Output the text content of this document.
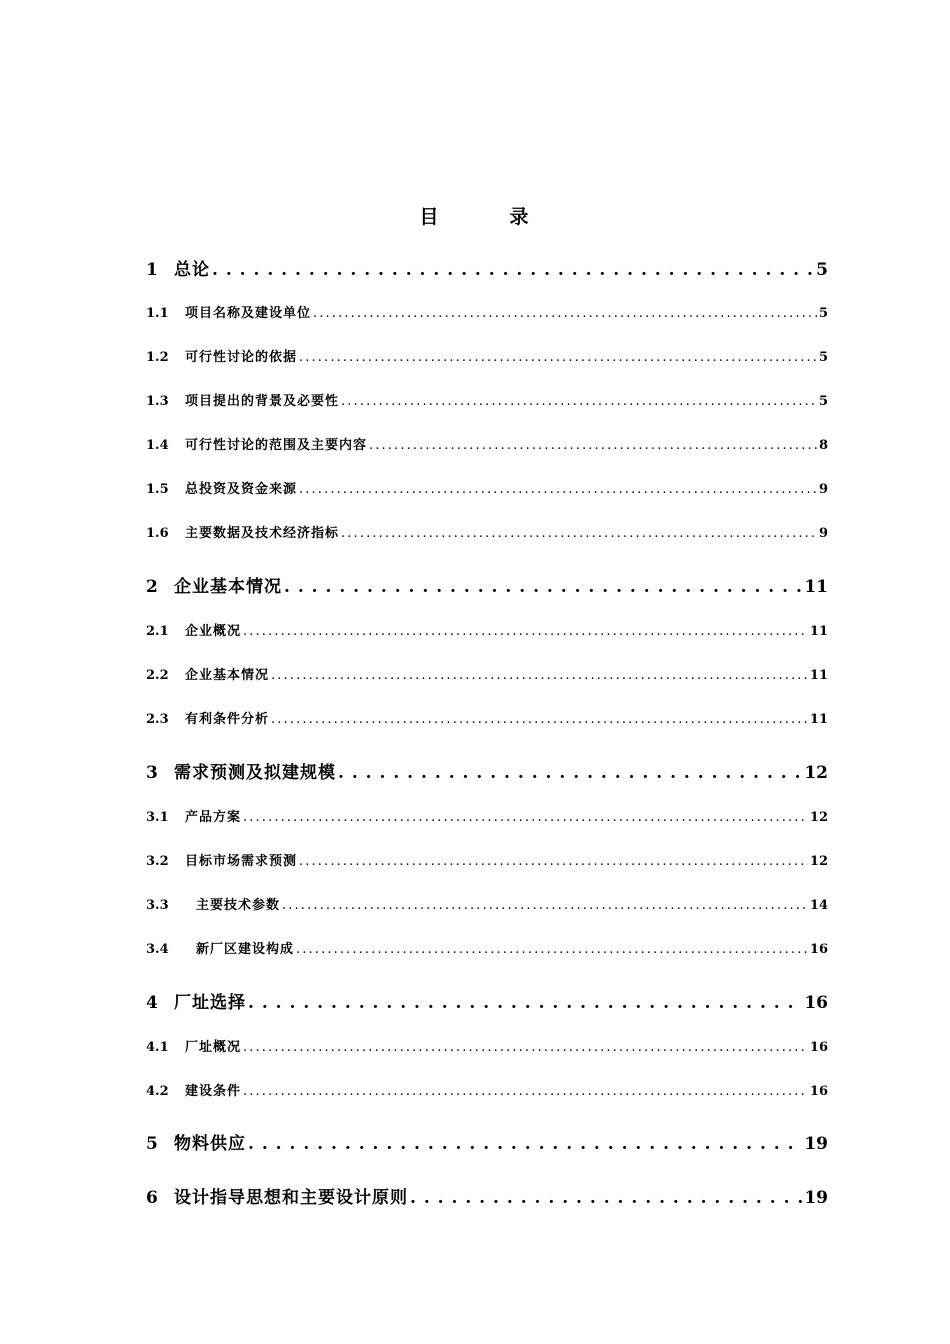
目　录
1 总论 . . .	5
1.1	项目名称及建设单位 . . .	5
1.2	可行性讨论的依据 . . .	5
1.3	项目提出的背景及必要性 . . .	5
1.4	可行性讨论的范围及主要内容 . . .	8
1.5	总投资及资金来源 . . .	9
1.6	主要数据及技术经济指标 . . .	9
2 企业基本情况 . . .	11
2.1	企业概况 . . .	11
2.2	企业基本情况 . . .	11
2.3	有利条件分析 . . .	11
3 需求预测及拟建规模 . . .	12
3.1	产品方案 . . .	12
3.2	目标市场需求预测 . . .	12
3.3	主要技术参数 . . .	14
3.4	新厂区建设构成 . . .	16
4 厂址选择 . . .	16
4.1	厂址概况 . . .	16
4.2	建设条件 . . .	16
5 物料供应 . . .	19
6 设计指导思想和主要设计原则 . . .	19
